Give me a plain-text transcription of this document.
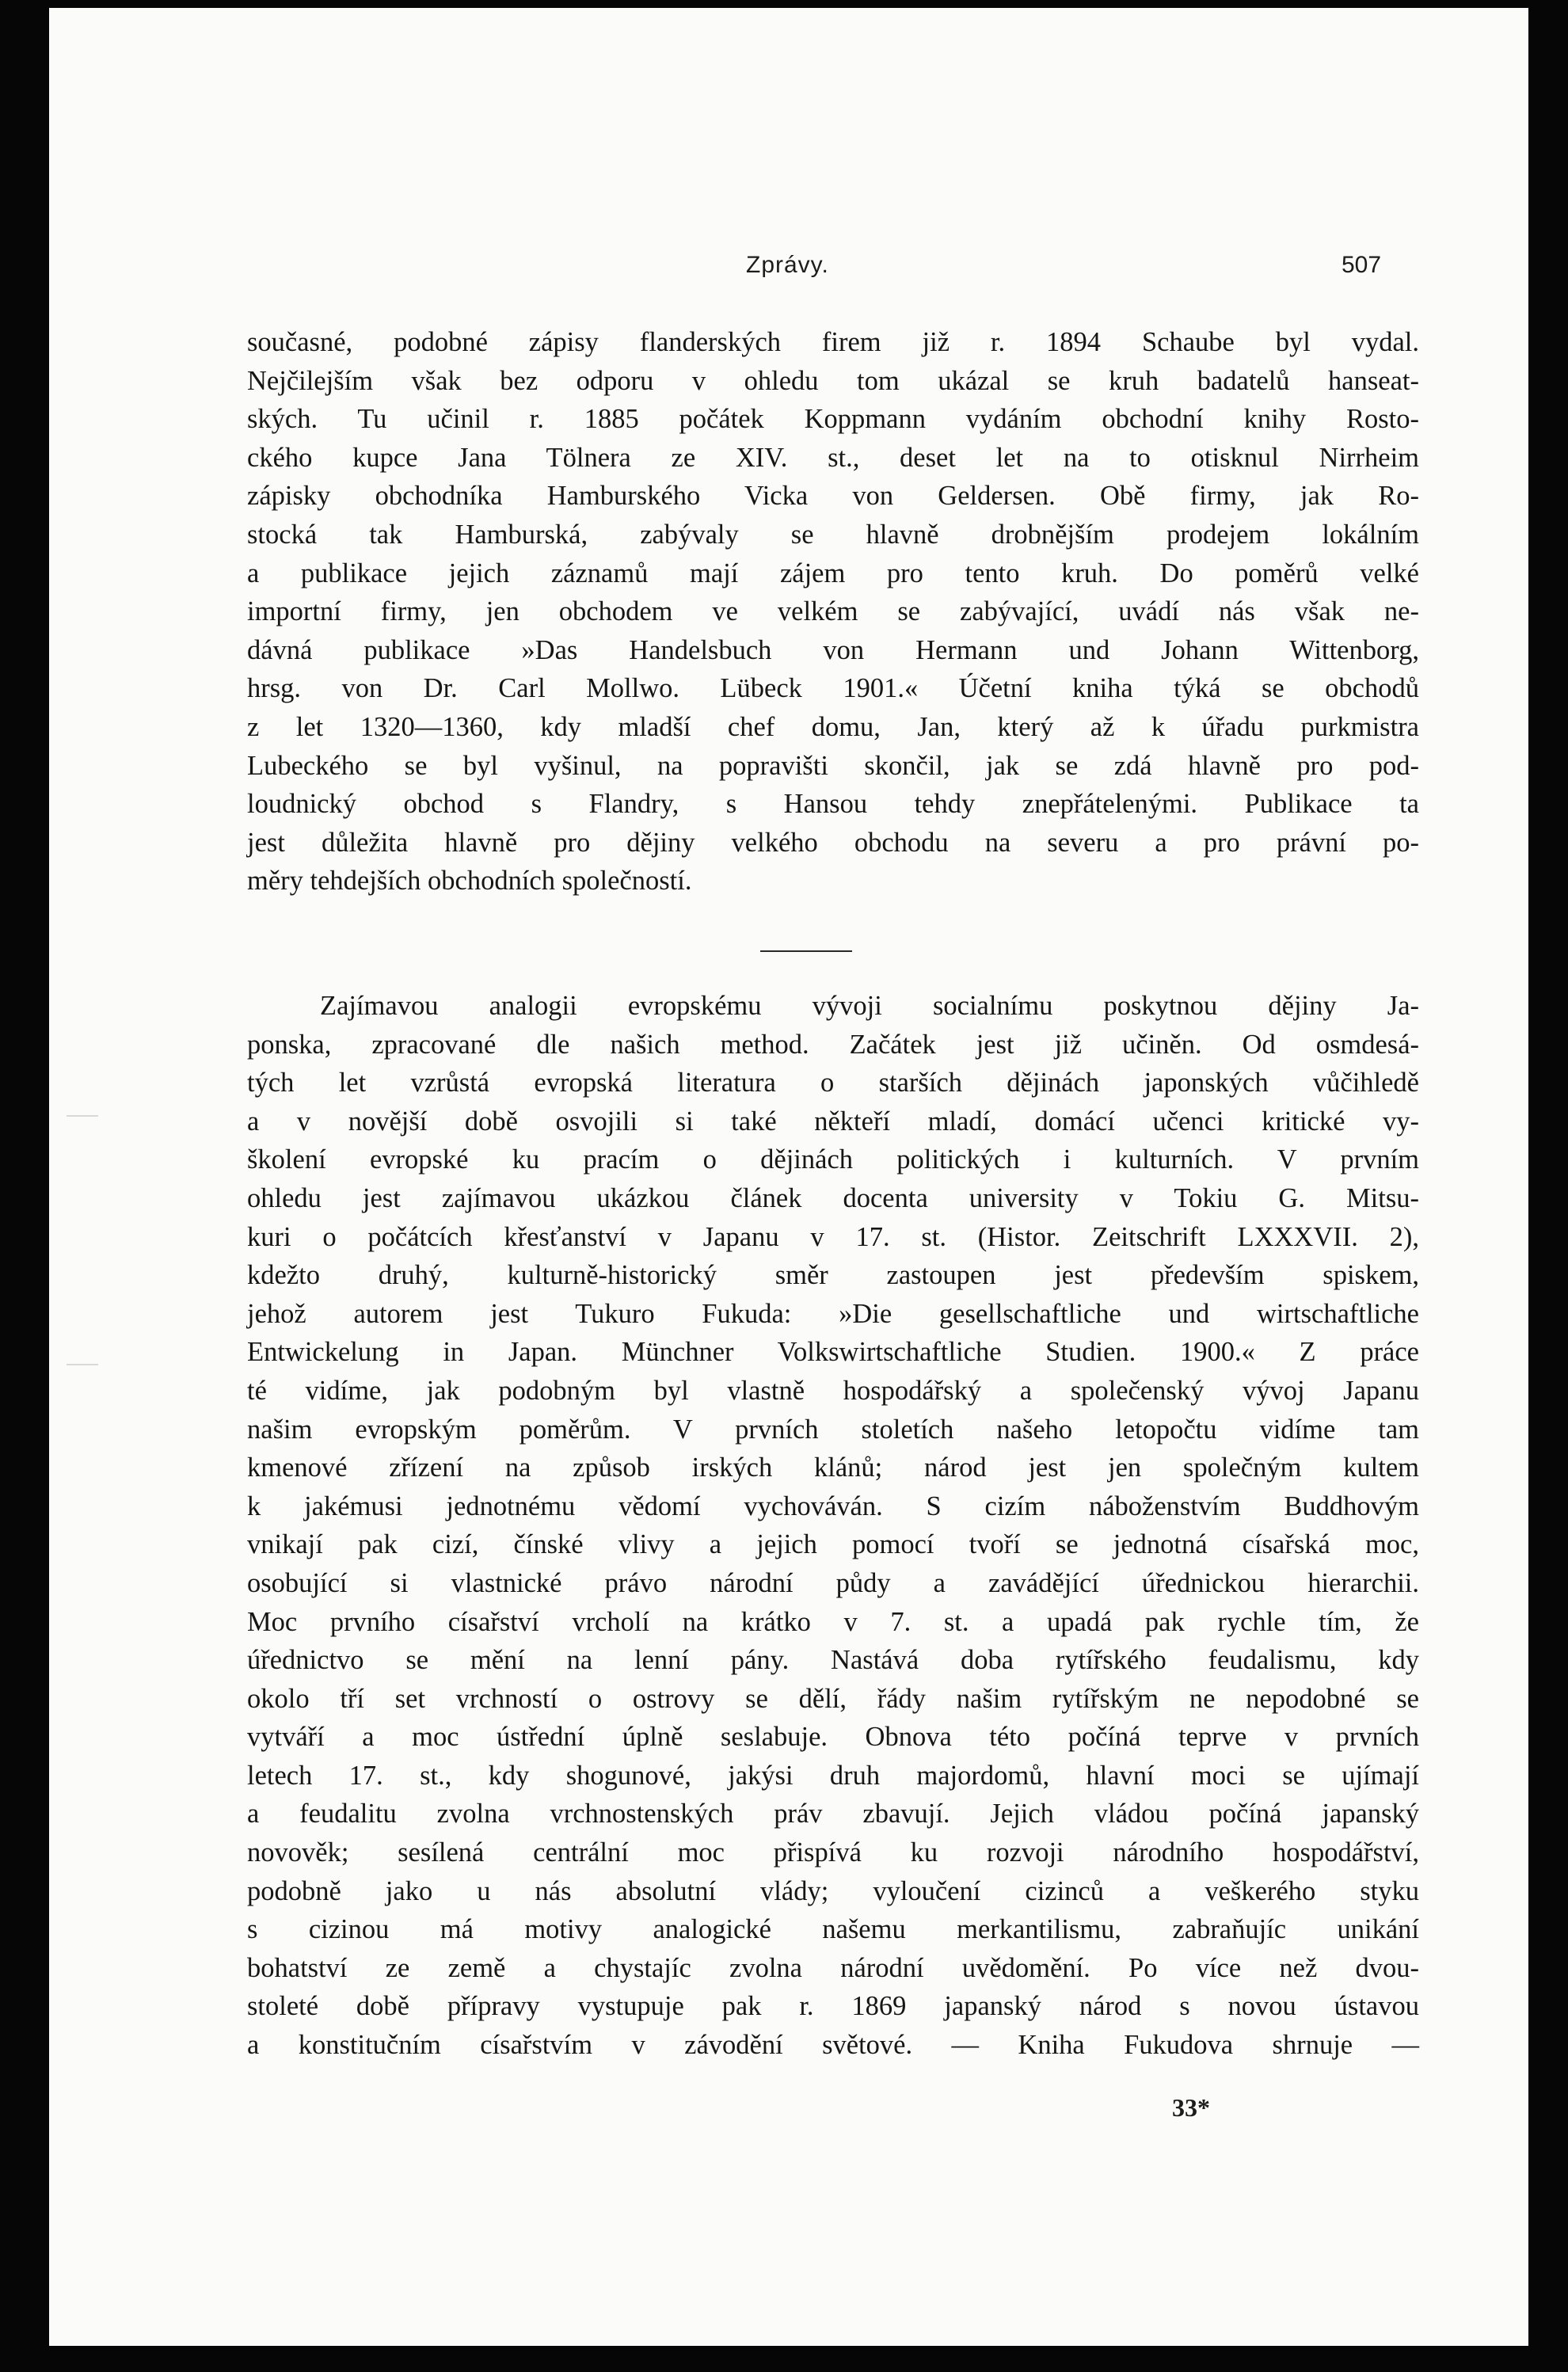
Zprávy.	507
současné, podobné zápisy flanderských firem již r. 1894 Schaube byl vydal.
Nejčilejším však bez odporu v ohledu tom ukázal se kruh badatelů hanseat-
ských. Tu učinil r. 1885 počátek Koppmann vydáním obchodní knihy Rosto-
ckého kupce Jana Tölnera ze XIV. st., deset let na to otisknul Nirrheim
zápisky obchodníka Hamburského Vicka von Geldersen. Obě firmy, jak Ro-
stocká tak Hamburská, zabývaly se hlavně drobnějším prodejem lokálním
a publikace jejich záznamů mají zájem pro tento kruh. Do poměrů velké
importní firmy, jen obchodem ve velkém se zabývající, uvádí nás však ne-
dávná publikace »Das Handelsbuch von Hermann und Johann Wittenborg,
hrsg. von Dr. Carl Mollwo. Lübeck 1901.« Účetní kniha týká se obchodů
z let 1320—1360, kdy mladší chef domu, Jan, který až k úřadu purkmistra
Lubeckého se byl vyšinul, na popravišti skončil, jak se zdá hlavně pro pod-
loudnický obchod s Flandry, s Hansou tehdy znepřátelenými. Publikace ta
jest důležita hlavně pro dějiny velkého obchodu na severu a pro právní po-
měry tehdejších obchodních společností.
Zajímavou analogii evropskému vývoji socialnímu poskytnou dějiny Ja-
ponska, zpracované dle našich method. Začátek jest již učiněn. Od osmdesá-
tých let vzrůstá evropská literatura o starších dějinách japonských vůčihledě
a v novější době osvojili si také někteří mladí, domácí učenci kritické vy-
školení evropské ku pracím o dějinách politických i kulturních. V prvním
ohledu jest zajímavou ukázkou článek docenta university v Tokiu G. Mitsu-
kuri o počátcích křesťanství v Japanu v 17. st. (Histor. Zeitschrift LXXXVII. 2),
kdežto druhý, kulturně-historický směr zastoupen jest především spiskem,
jehož autorem jest Tukuro Fukuda: »Die gesellschaftliche und wirtschaftliche
Entwickelung in Japan. Münchner Volkswirtschaftliche Studien. 1900.« Z práce
té vidíme, jak podobným byl vlastně hospodářský a společenský vývoj Japanu
našim evropským poměrům. V prvních stoletích našeho letopočtu vidíme tam
kmenové zřízení na způsob irských klánů; národ jest jen společným kultem
k jakémusi jednotnému vědomí vychováván. S cizím náboženstvím Buddhovým
vnikají pak cizí, čínské vlivy a jejich pomocí tvoří se jednotná císařská moc,
osobující si vlastnické právo národní půdy a zavádějící úřednickou hierarchii.
Moc prvního císařství vrcholí na krátko v 7. st. a upadá pak rychle tím, že
úřednictvo se mění na lenní pány. Nastává doba rytířského feudalismu, kdy
okolo tří set vrchností o ostrovy se dělí, řády našim rytířským ne nepodobné se
vytváří a moc ústřední úplně seslabuje. Obnova této počíná teprve v prvních
letech 17. st., kdy shogunové, jakýsi druh majordomů, hlavní moci se ujímají
a feudalitu zvolna vrchnostenských práv zbavují. Jejich vládou počíná japanský
novověk; sesílená centrální moc přispívá ku rozvoji národního hospodářství,
podobně jako u nás absolutní vlády; vyloučení cizinců a veškerého styku
s cizinou má motivy analogické našemu merkantilismu, zabraňujíc unikání
bohatství ze země a chystajíc zvolna národní uvědomění. Po více než dvou-
stoleté době přípravy vystupuje pak r. 1869 japanský národ s novou ústavou
a konstitučním císařstvím v závodění světové. — Kniha Fukudova shrnuje —
33*
